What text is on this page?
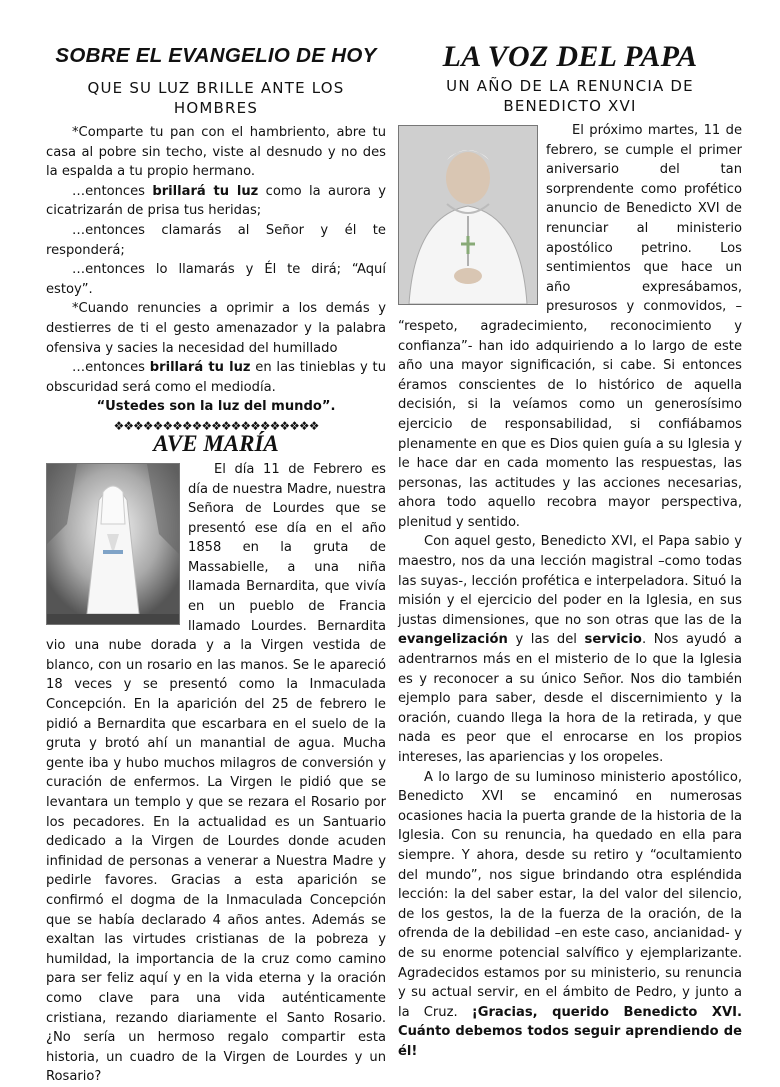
SOBRE EL EVANGELIO DE HOY
QUE SU LUZ BRILLE ANTE LOS HOMBRES

*Comparte tu pan con el hambriento, abre tu casa al pobre sin techo, viste al desnudo y no des la espalda a tu propio hermano.

…entonces brillará tu luz como la aurora y cicatrizarán de prisa tus heridas;

…entonces clamarás al Señor y él te responderá;

…entonces lo llamarás y Él te dirá; “Aquí estoy”.

*Cuando renuncies a oprimir a los demás y destierres de ti el gesto amenazador y la palabra ofensiva y sacies la necesidad del humillado

…entonces brillará tu luz en las tinieblas y tu obscuridad será como el mediodía.

“Ustedes son la luz del mundo”.

❖❖❖❖❖❖❖❖❖❖❖❖❖❖❖❖❖❖❖❖❖
AVE MARÍA

El día 11 de Febrero es día de nuestra Madre, nuestra Señora de Lourdes que se presentó ese día en el año 1858 en la gruta de Massabielle, a una niña llamada Bernardita, que vivía en un pueblo de Francia llamado Lourdes. Bernardita vio una nube dorada y a la Virgen vestida de blanco, con un rosario en las manos. Se le apareció 18 veces y se presentó como la Inmaculada Concepción. En la aparición del 25 de febrero le pidió a Bernardita que escarbara en el suelo de la gruta y brotó ahí un manantial de agua. Mucha gente iba y hubo muchos milagros de conversión y curación de enfermos. La Virgen le pidió que se levantara un templo y que se rezara el Rosario por los pecadores. En la actualidad es un Santuario dedicado a la Virgen de Lourdes donde acuden infinidad de personas a venerar a Nuestra Madre y pedirle favores. Gracias a esta aparición se confirmó el dogma de la Inmaculada Concepción que se había declarado 4 años antes. Además se exaltan las virtudes cristianas de la pobreza y humildad, la importancia de la cruz como camino para ser feliz aquí y en la vida eterna y la oración como clave para una vida auténticamente cristiana, rezando diariamente el Santo Rosario. ¿No sería un hermoso regalo compartir esta historia, un cuadro de la Virgen de Lourdes y un Rosario?

LA VOZ DEL PAPA
UN AÑO DE LA RENUNCIA DE BENEDICTO XVI

El próximo martes, 11 de febrero, se cumple el primer aniversario del tan sorprendente como profético anuncio de Benedicto XVI de renunciar al ministerio apostólico petrino. Los sentimientos que hace un año expresábamos, presurosos y conmovidos, – “respeto, agradecimiento, reconocimiento y confianza”- han ido adquiriendo a lo largo de este año una mayor significación, si cabe. Si entonces éramos conscientes de lo histórico de aquella decisión, si la veíamos como un generosísimo ejercicio de responsabilidad, si confiábamos plenamente en que es Dios quien guía a su Iglesia y le hace dar en cada momento las respuestas, las personas, las actitudes y las acciones necesarias, ahora todo aquello recobra mayor perspectiva, plenitud y sentido.

Con aquel gesto, Benedicto XVI, el Papa sabio y maestro, nos da una lección magistral –como todas las suyas-, lección profética e interpeladora. Situó la misión y el ejercicio del poder en la Iglesia, en sus justas dimensiones, que no son otras que las de la evangelización y las del servicio. Nos ayudó a adentrarnos más en el misterio de lo que la Iglesia es y reconocer a su único Señor. Nos dio también ejemplo para saber, desde el discernimiento y la oración, cuando llega la hora de la retirada, y que nada es peor que el enrocarse en los propios intereses, las apariencias y los oropeles.

A lo largo de su luminoso ministerio apostólico, Benedicto XVI se encaminó en numerosas ocasiones hacia la puerta grande de la historia de la Iglesia. Con su renuncia, ha quedado en ella para siempre. Y ahora, desde su retiro y “ocultamiento del mundo”, nos sigue brindando otra espléndida lección: la del saber estar, la del valor del silencio, de los gestos, la de la fuerza de la oración, de la ofrenda de la debilidad –en este caso, ancianidad- y de su enorme potencial salvífico y ejemplarizante. Agradecidos estamos por su ministerio, su renuncia y su actual servir, en el ámbito de Pedro, y junto a la Cruz. ¡Gracias, querido Benedicto XVI. Cuánto debemos todos seguir aprendiendo de él!
